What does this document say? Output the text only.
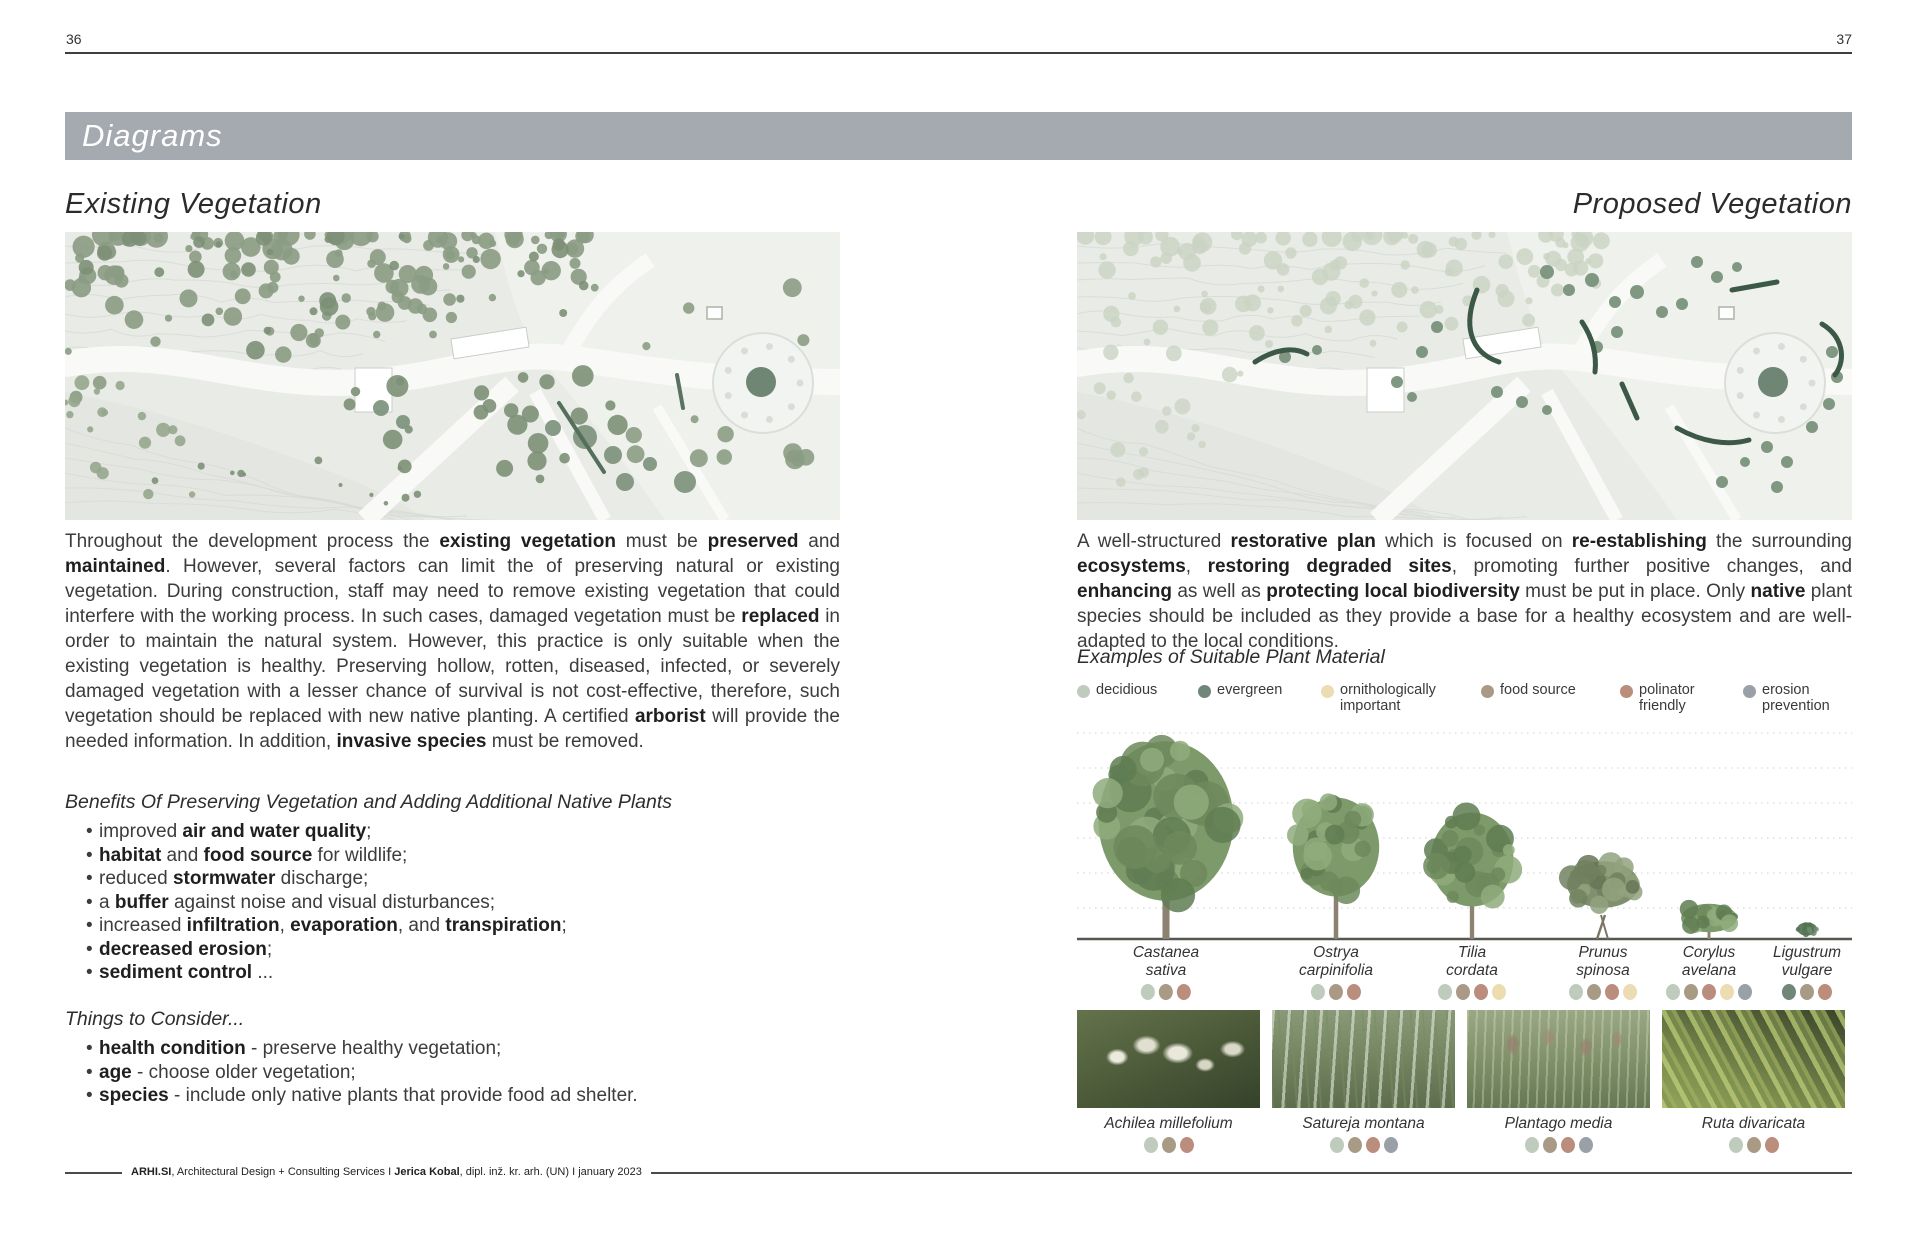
36	37
Diagrams
Existing Vegetation	Proposed Vegetation

Throughout the development process the existing vegetation must be preserved and maintained. However, several factors can limit the of preserving natural or existing vegetation. During construction, staff may need to remove existing vegetation that could interfere with the working process. In such cases, damaged vegetation must be replaced in order to maintain the natural system. However, this practice is only suitable when the existing vegetation is healthy. Preserving hollow, rotten, diseased, infected, or severely damaged vegetation with a lesser chance of survival is not cost-effective, therefore, such vegetation should be replaced with new native planting. A certified arborist will provide the needed information. In addition, invasive species must be removed.

A well-structured restorative plan which is focused on re-establishing the surrounding ecosystems, restoring degraded sites, promoting further positive changes, and enhancing as well as protecting local biodiversity must be put in place. Only native plant species should be included as they provide a base for a healthy ecosystem and are well-adapted to the local conditions.

Benefits Of Preserving Vegetation and Adding Additional Native Plants
• improved air and water quality;
• habitat and food source for wildlife;
• reduced stormwater discharge;
• a buffer against noise and visual disturbances;
• increased infiltration, evaporation, and transpiration;
• decreased erosion;
• sediment control ...
Things to Consider...
• health condition - preserve healthy vegetation;
• age - choose older vegetation;
• species - include only native plants that provide food ad shelter.
Examples of Suitable Plant Material
decidious	evergreen	ornithologically important
food source	polinator friendly
erosion prevention
Castanea
sativa
Ostrya
carpinifolia
Tilia
cordata
Prunus
spinosa
Corylus
avelana
Ligustrum
vulgare
Achilea millefolium	Satureja montana	Plantago media	Ruta divaricata
ARHI.SI, Architectural Design + Consulting Services I Jerica Kobal, dipl. inž. kr. arh. (UN) I january 2023
